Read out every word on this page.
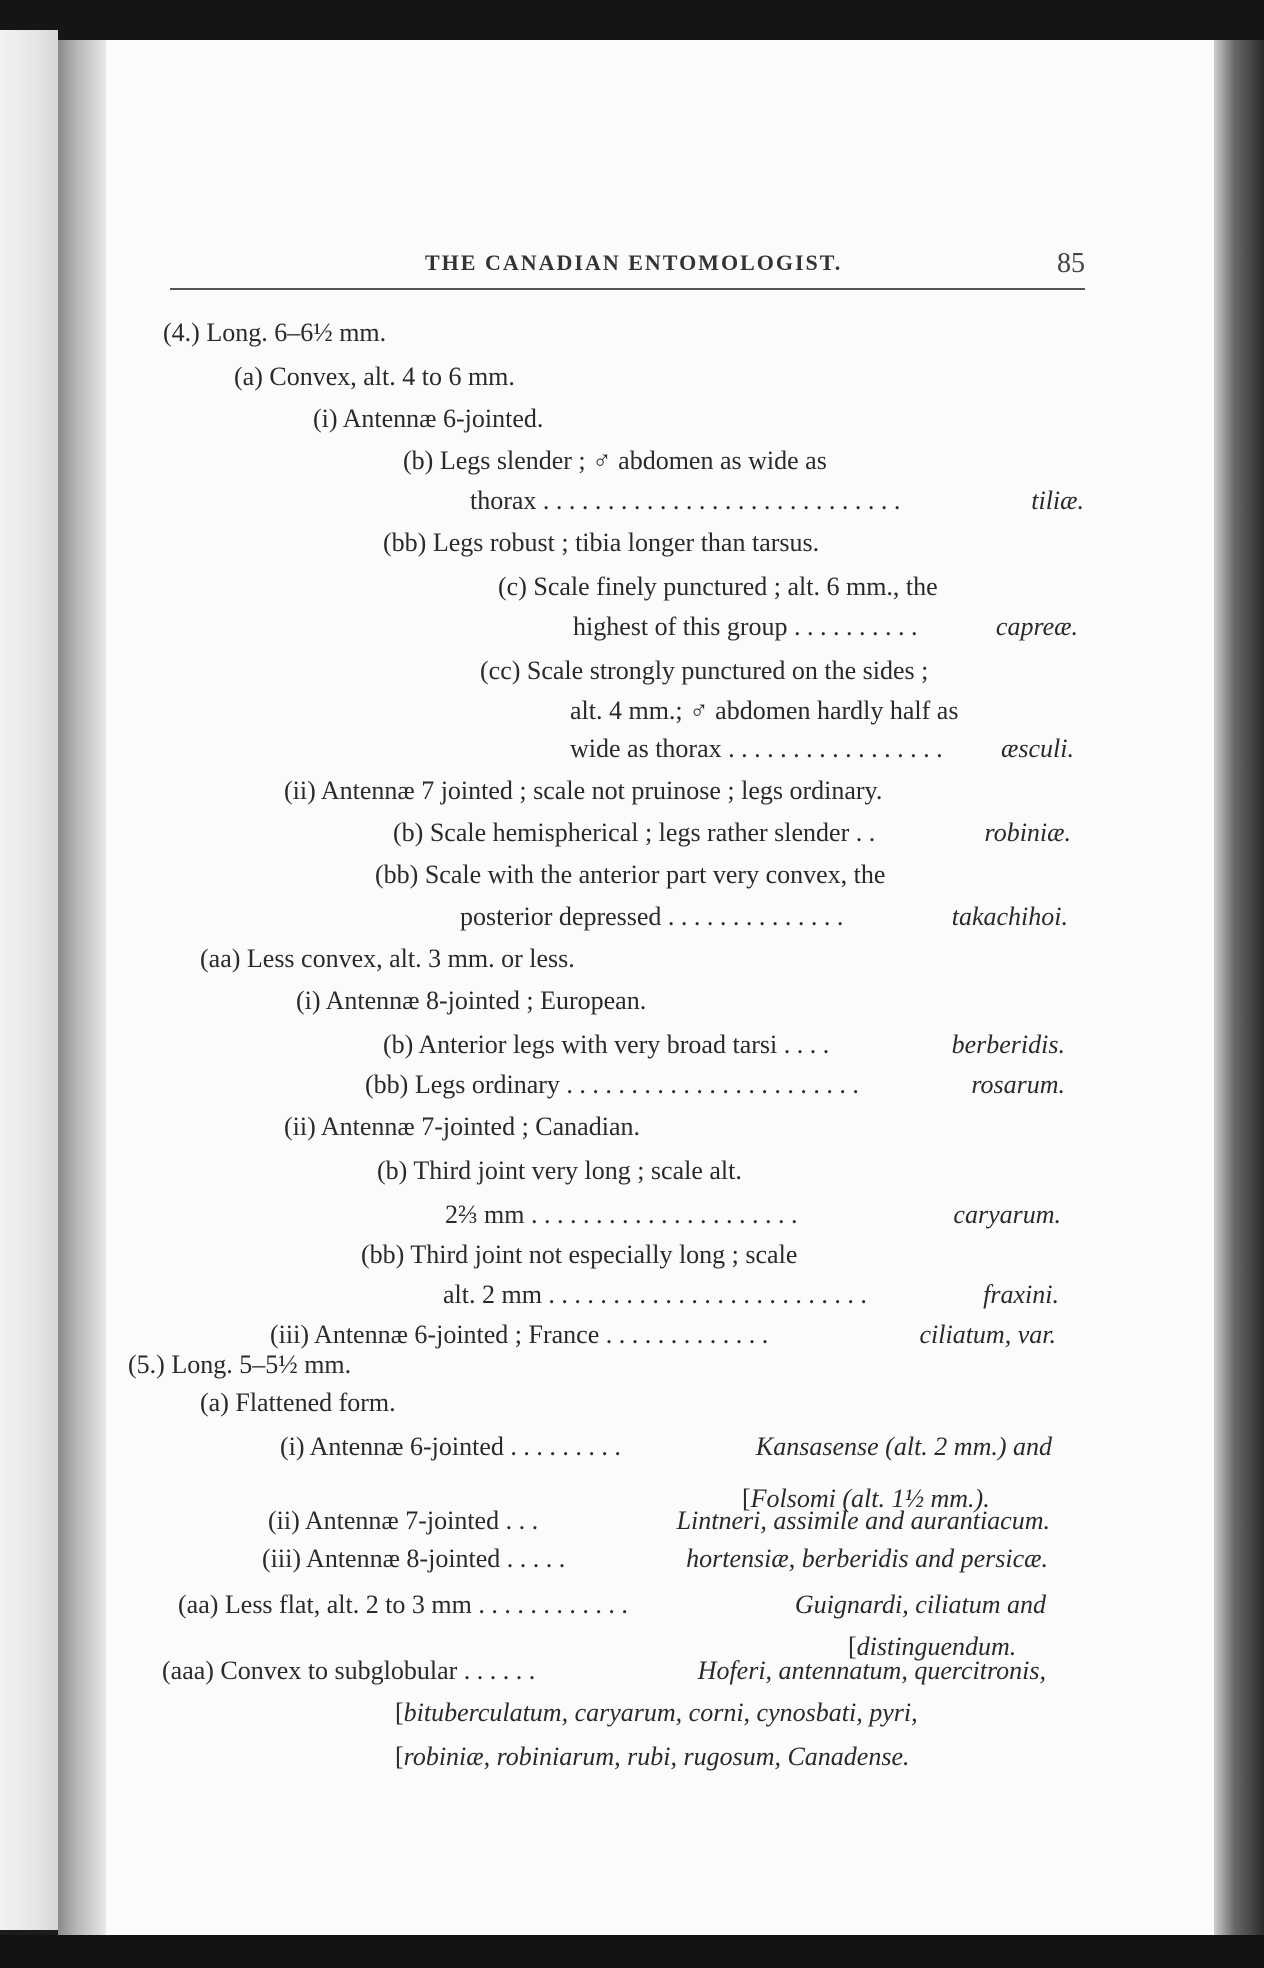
THE CANADIAN ENTOMOLOGIST.	85
(4.) Long. 6–6½ mm.
(a) Convex, alt. 4 to 6 mm.
(i) Antennæ 6-jointed.
(b) Legs slender ; ♂ abdomen as wide as
thorax . . . . . . . . . . . . . . . . . . . . . . . . . . . .	tiliæ.
(bb) Legs robust ; tibia longer than tarsus.
(c) Scale finely punctured ; alt. 6 mm., the
highest of this group . . . . . . . . . .	capreæ.
(cc) Scale strongly punctured on the sides ;
alt. 4 mm.; ♂ abdomen hardly half as
wide as thorax . . . . . . . . . . . . . . . . . æsculi.
(ii) Antennæ 7 jointed ; scale not pruinose ; legs ordinary.
(b) Scale hemispherical ; legs rather slender . .	robiniæ.
(bb) Scale with the anterior part very convex, the
posterior depressed . . . . . . . . . . . . . .	takachihoi.
(aa) Less convex, alt. 3 mm. or less.
(i) Antennæ 8-jointed ; European.
(b) Anterior legs with very broad tarsi . . . .	berberidis.
(bb) Legs ordinary . . . . . . . . . . . . . . . . . . . . . . .	rosarum.
(ii) Antennæ 7-jointed ; Canadian.
(b) Third joint very long ; scale alt.
2⅔ mm . . . . . . . . . . . . . . . . . . . . .	caryarum.
(bb) Third joint not especially long ; scale
alt. 2 mm . . . . . . . . . . . . . . . . . . . . . . . . .	fraxini.
(iii) Antennæ 6-jointed ; France . . . . . . . . . . . . .	ciliatum, var.
(5.) Long. 5–5½ mm.
(a) Flattened form.
(i) Antennæ 6-jointed . . . . . . . . .	Kansasense (alt. 2 mm.) and
[Folsomi (alt. 1½ mm.).
(ii) Antennæ 7-jointed . . .	Lintneri, assimile and aurantiacum.
(iii) Antennæ 8-jointed . . . . .	hortensiæ, berberidis and persicæ.
(aa) Less flat, alt. 2 to 3 mm . . . . . . . . . . . .	Guignardi, ciliatum and
[distinguendum.
(aaa) Convex to subglobular . . . . . .	Hoferi, antennatum, quercitronis,
[bituberculatum, caryarum, corni, cynosbati, pyri,
[robiniæ, robiniarum, rubi, rugosum, Canadense.
